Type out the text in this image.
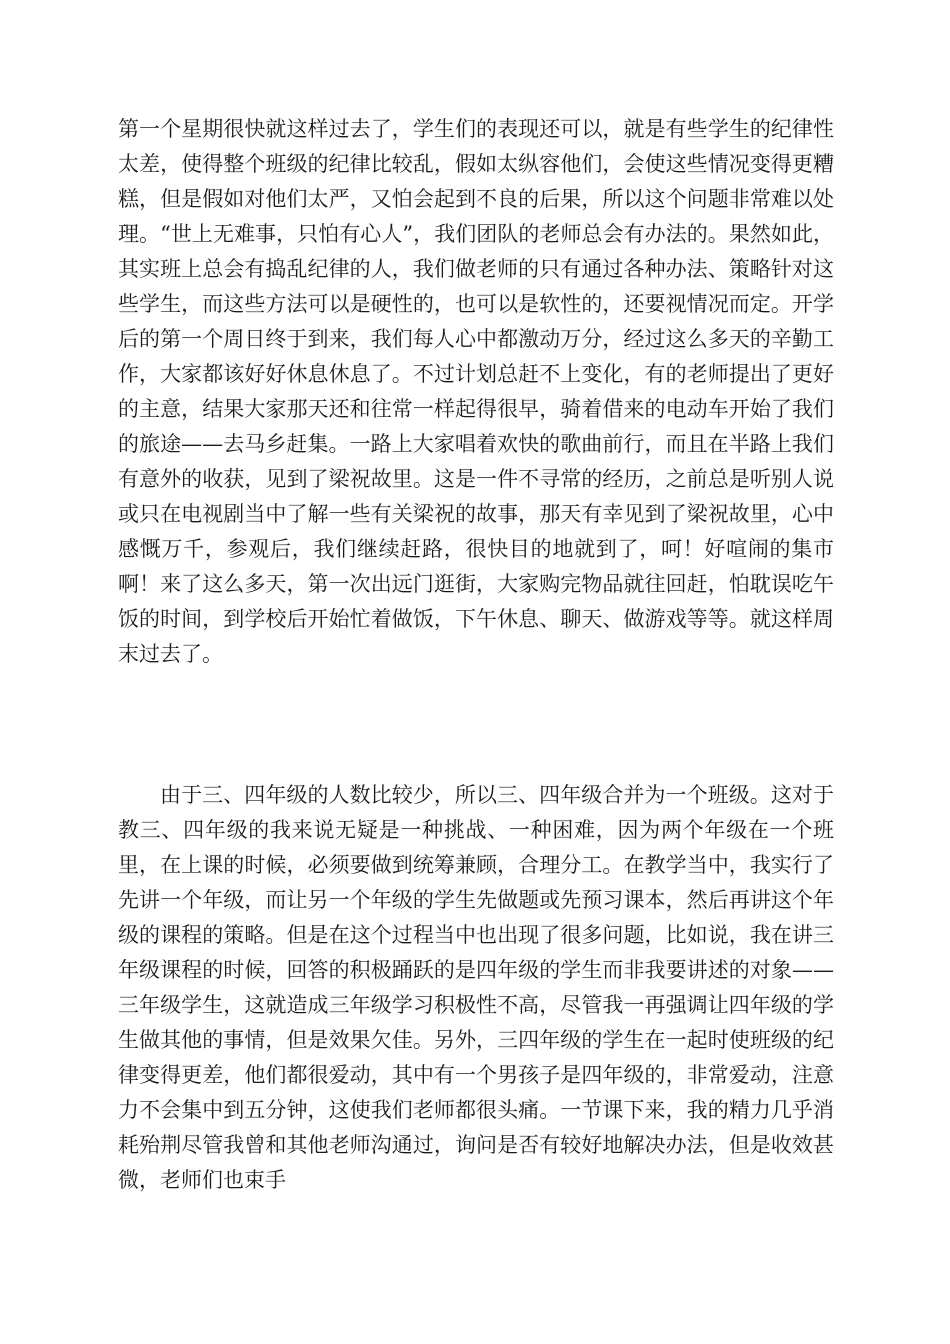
第一个星期很快就这样过去了，学生们的表现还可以，就是有些学生的纪律性太差，使得整个班级的纪律比较乱，假如太纵容他们，会使这些情况变得更糟糕，但是假如对他们太严，又怕会起到不良的后果，所以这个问题非常难以处理。“世上无难事，只怕有心人”，我们团队的老师总会有办法的。果然如此，其实班上总会有捣乱纪律的人，我们做老师的只有通过各种办法、策略针对这些学生，而这些方法可以是硬性的，也可以是软性的，还要视情况而定。开学后的第一个周日终于到来，我们每人心中都激动万分，经过这么多天的辛勤工作，大家都该好好休息休息了。不过计划总赶不上变化，有的老师提出了更好的主意，结果大家那天还和往常一样起得很早，骑着借来的电动车开始了我们的旅途——去马乡赶集。一路上大家唱着欢快的歌曲前行，而且在半路上我们有意外的收获，见到了梁祝故里。这是一件不寻常的经历，之前总是听别人说或只在电视剧当中了解一些有关梁祝的故事，那天有幸见到了梁祝故里，心中感慨万千，参观后，我们继续赶路，很快目的地就到了，呵！好喧闹的集市啊！来了这么多天，第一次出远门逛街，大家购完物品就往回赶，怕耽误吃午饭的时间，到学校后开始忙着做饭，下午休息、聊天、做游戏等等。就这样周末过去了。

由于三、四年级的人数比较少，所以三、四年级合并为一个班级。这对于教三、四年级的我来说无疑是一种挑战、一种困难，因为两个年级在一个班里，在上课的时候，必须要做到统筹兼顾，合理分工。在教学当中，我实行了先讲一个年级，而让另一个年级的学生先做题或先预习课本，然后再讲这个年级的课程的策略。但是在这个过程当中也出现了很多问题，比如说，我在讲三年级课程的时候，回答的积极踊跃的是四年级的学生而非我要讲述的对象——三年级学生，这就造成三年级学习积极性不高，尽管我一再强调让四年级的学生做其他的事情，但是效果欠佳。另外，三四年级的学生在一起时使班级的纪律变得更差，他们都很爱动，其中有一个男孩子是四年级的，非常爱动，注意力不会集中到五分钟，这使我们老师都很头痛。一节课下来，我的精力几乎消耗殆荆尽管我曾和其他老师沟通过，询问是否有较好地解决办法，但是收效甚微，老师们也束手
